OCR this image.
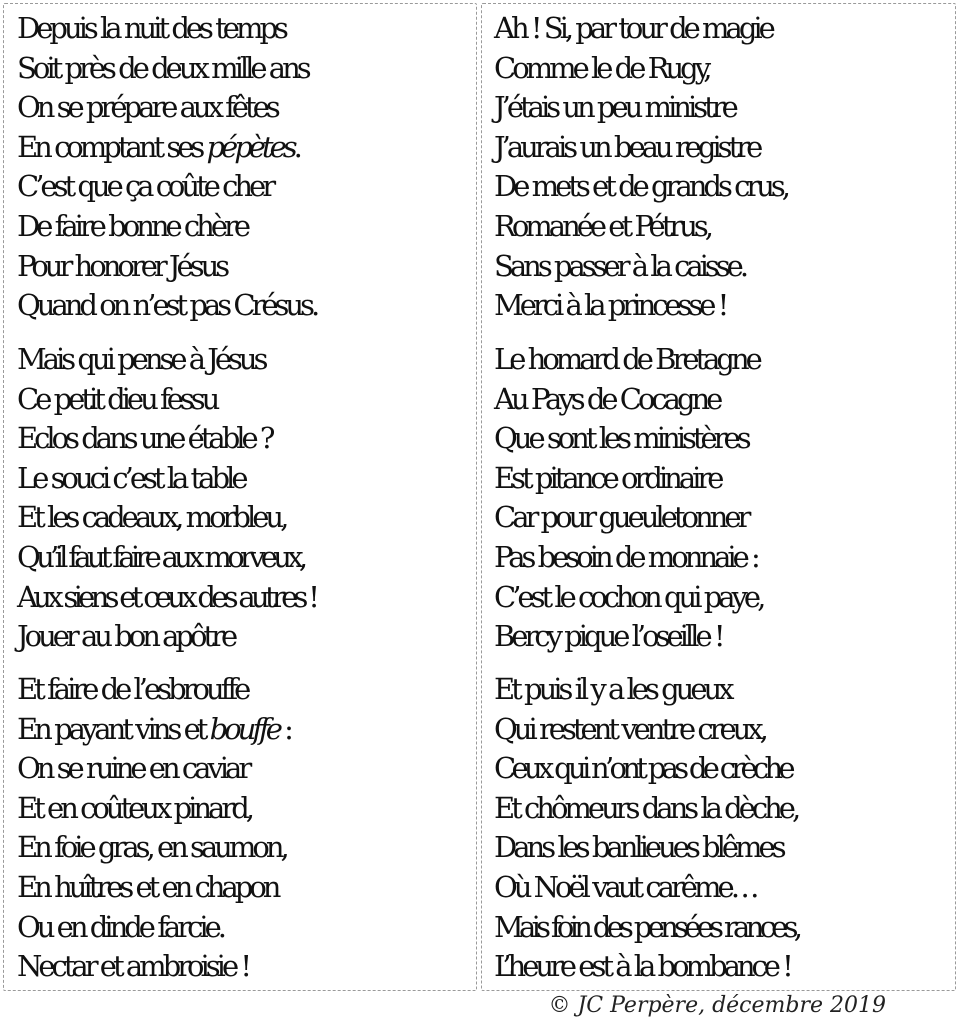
Depuis la nuit des temps
Soit près de deux mille ans
On se prépare aux fêtes
En comptant ses pépètes.
C’est que ça coûte cher
De faire bonne chère
Pour honorer Jésus
Quand on n’est pas Crésus.
Mais qui pense à Jésus
Ce petit dieu fessu
Eclos dans une étable ?
Le souci c’est la table
Et les cadeaux, morbleu,
Qu’il faut faire aux morveux,
Aux siens et ceux des autres !
Jouer au bon apôtre
Et faire de l’esbrouffe
En payant vins et bouffe :
On se ruine en caviar
Et en coûteux pinard,
En foie gras, en saumon,
En huîtres et en chapon
Ou en dinde farcie.
Nectar et ambroisie !
Ah ! Si, par tour de magie
Comme le de Rugy,
J’étais un peu ministre
J’aurais un beau registre
De mets et de grands crus,
Romanée et Pétrus,
Sans passer à la caisse.
Merci à la princesse !
Le homard de Bretagne
Au Pays de Cocagne
Que sont les ministères
Est pitance ordinaire
Car pour gueuletonner
Pas besoin de monnaie :
C’est le cochon qui paye,
Bercy pique l’oseille !
Et puis il y a les gueux
Qui restent ventre creux,
Ceux qui n’ont pas de crèche
Et chômeurs dans la dèche,
Dans les banlieues blêmes
Où Noël vaut carême…
Mais foin des pensées rances,
L’heure est à la bombance !
© JC Perpère, décembre 2019
